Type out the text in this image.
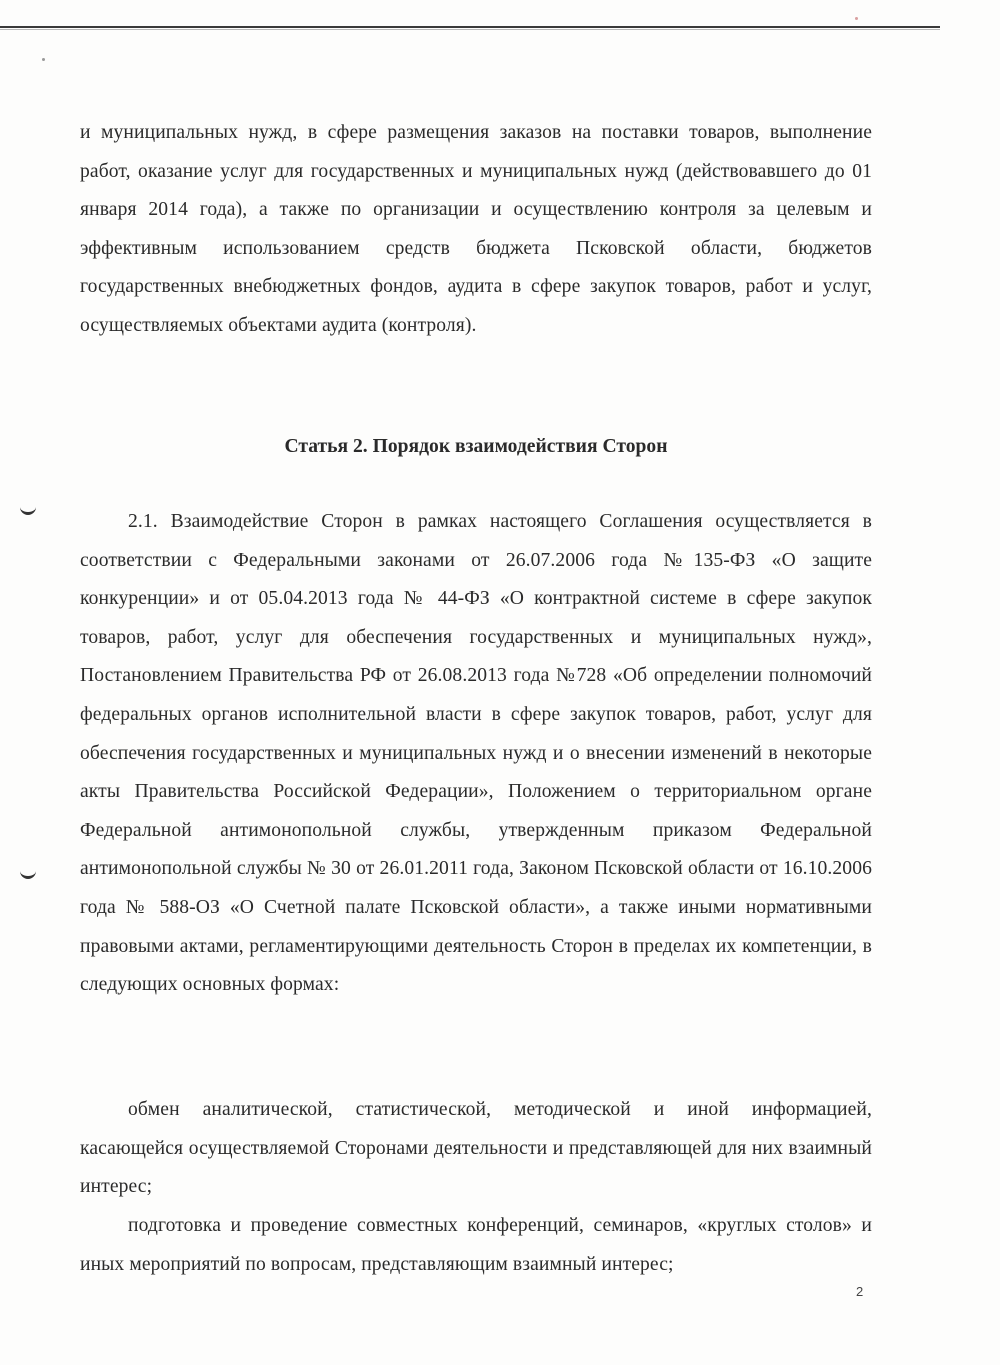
и муниципальных нужд, в сфере размещения заказов на поставки товаров, выполнение работ, оказание услуг для государственных и муниципальных нужд (действовавшего до 01 января 2014 года), а также по организации и осуществлению контроля за целевым и эффективным использованием средств бюджета Псковской области, бюджетов государственных внебюджетных фондов, аудита в сфере закупок товаров, работ и услуг, осуществляемых объектами аудита (контроля).
Статья 2. Порядок взаимодействия Сторон
2.1. Взаимодействие Сторон в рамках настоящего Соглашения осуществляется в соответствии с Федеральными законами от 26.07.2006 года №135-ФЗ «О защите конкуренции» и от 05.04.2013 года № 44-ФЗ «О контрактной системе в сфере закупок товаров, работ, услуг для обеспечения государственных и муниципальных нужд», Постановлением Правительства РФ от 26.08.2013 года №728 «Об определении полномочий федеральных органов исполнительной власти в сфере закупок товаров, работ, услуг для обеспечения государственных и муниципальных нужд и о внесении изменений в некоторые акты Правительства Российской Федерации», Положением о территориальном органе Федеральной антимонопольной службы, утвержденным приказом Федеральной антимонопольной службы № 30 от 26.01.2011 года, Законом Псковской области от 16.10.2006 года № 588-ОЗ «О Счетной палате Псковской области», а также иными нормативными правовыми актами, регламентирующими деятельность Сторон в пределах их компетенции, в следующих основных формах:
обмен аналитической, статистической, методической и иной информацией, касающейся осуществляемой Сторонами деятельности и представляющей для них взаимный интерес;
подготовка и проведение совместных конференций, семинаров, «круглых столов» и иных мероприятий по вопросам, представляющим взаимный интерес;
2
